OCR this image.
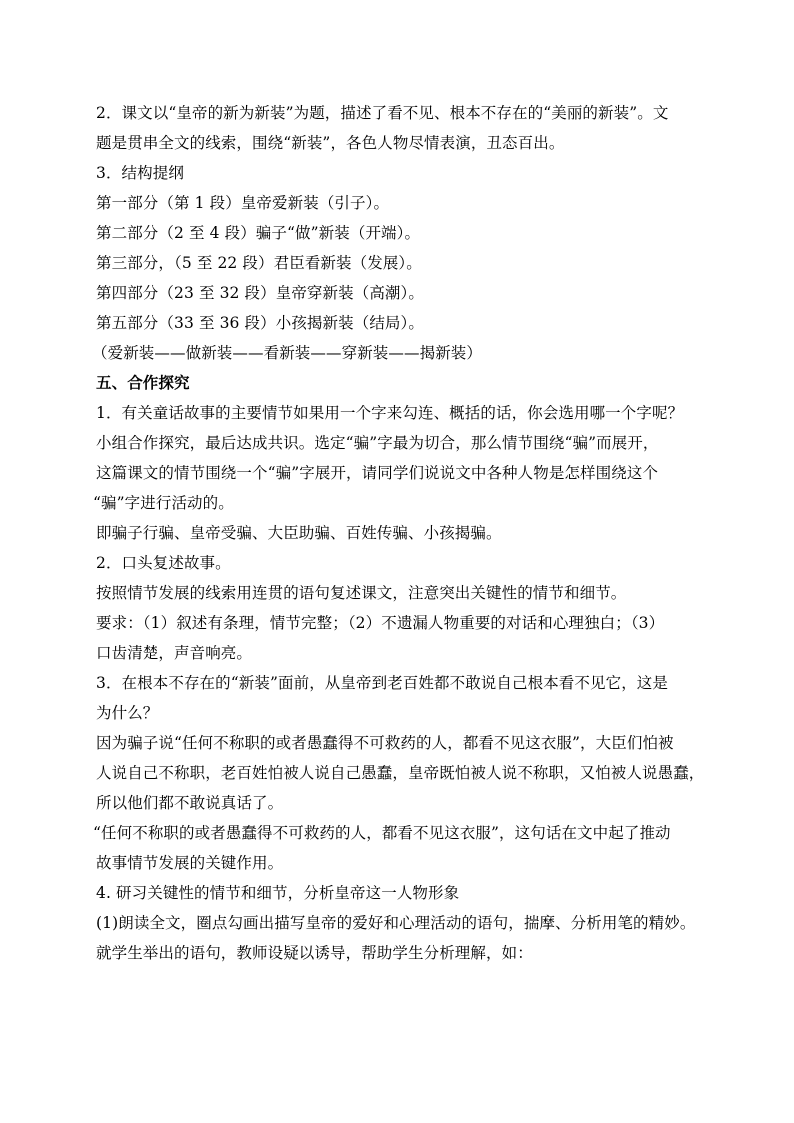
2．课文以“皇帝的新为新装”为题，描述了看不见、根本不存在的“美丽的新装”。文
题是贯串全文的线索，围绕“新装”，各色人物尽情表演，丑态百出。
3．结构提纲
第一部分（第 1 段）皇帝爱新装（引子）。
第二部分（2 至 4 段）骗子“做”新装（开端）。
第三部分，（5 至 22 段）君臣看新装（发展）。
第四部分（23 至 32 段）皇帝穿新装（高潮）。
第五部分（33 至 36 段）小孩揭新装（结局）。
（爱新装——做新装——看新装——穿新装——揭新装）
五、合作探究
1．有关童话故事的主要情节如果用一个字来勾连、概括的话，你会选用哪一个字呢？
小组合作探究，最后达成共识。选定“骗”字最为切合，那么情节围绕“骗”而展开，
这篇课文的情节围绕一个“骗”字展开，请同学们说说文中各种人物是怎样围绕这个
“骗”字进行活动的。
即骗子行骗、皇帝受骗、大臣助骗、百姓传骗、小孩揭骗。
2．口头复述故事。
按照情节发展的线索用连贯的语句复述课文，注意突出关键性的情节和细节。
要求：（1）叙述有条理，情节完整；（2）不遗漏人物重要的对话和心理独白；（3）
口齿清楚，声音响亮。
3．在根本不存在的“新装”面前，从皇帝到老百姓都不敢说自己根本看不见它，这是
为什么？
因为骗子说“任何不称职的或者愚蠢得不可救药的人，都看不见这衣服”，大臣们怕被
人说自己不称职，老百姓怕被人说自己愚蠢，皇帝既怕被人说不称职，又怕被人说愚蠢，
所以他们都不敢说真话了。
“任何不称职的或者愚蠢得不可救药的人，都看不见这衣服”，这句话在文中起了推动
故事情节发展的关键作用。
4. 研习关键性的情节和细节，分析皇帝这一人物形象
(1)朗读全文，圈点勾画出描写皇帝的爱好和心理活动的语句，揣摩、分析用笔的精妙。
就学生举出的语句，教师设疑以诱导，帮助学生分析理解，如：
